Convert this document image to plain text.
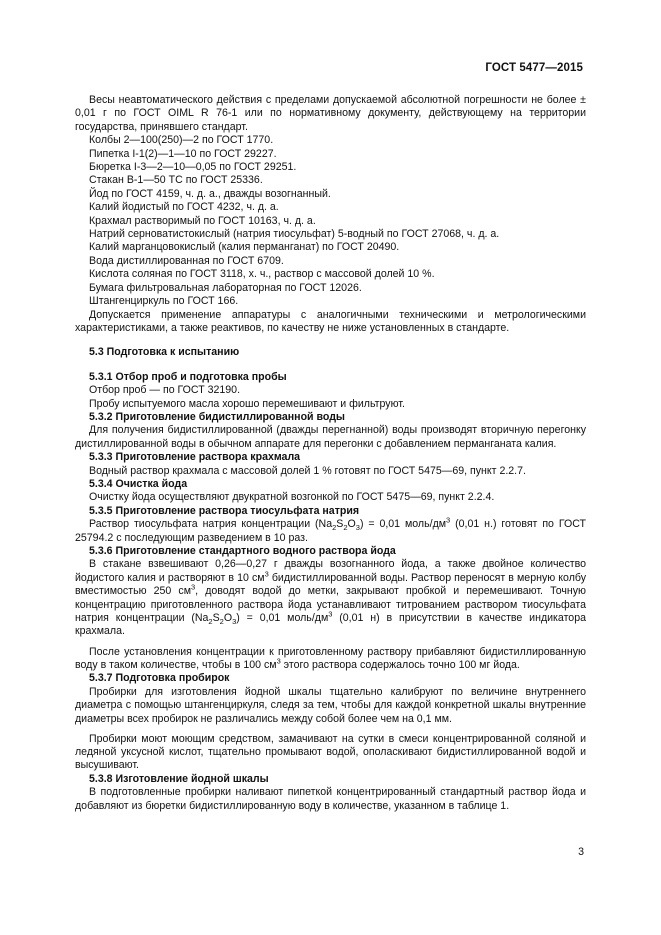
ГОСТ 5477—2015
Весы неавтоматического действия с пределами допускаемой абсолютной погрешности не более ± 0,01 г по ГОСТ OIML R 76-1 или по нормативному документу, действующему на территории государства, принявшего стандарт.
Колбы 2—100(250)—2 по ГОСТ 1770.
Пипетка I-1(2)—1—10 по ГОСТ 29227.
Бюретка I-3—2—10—0,05 по ГОСТ 29251.
Стакан В-1—50 ТС по ГОСТ 25336.
Йод по ГОСТ 4159, ч. д. а., дважды возогнанный.
Калий йодистый по ГОСТ 4232, ч. д. а.
Крахмал растворимый по ГОСТ 10163, ч. д. а.
Натрий серноватистокислый (натрия тиосульфат) 5-водный по ГОСТ 27068, ч. д. а.
Калий марганцовокислый (калия перманганат) по ГОСТ 20490.
Вода дистиллированная по ГОСТ 6709.
Кислота соляная по ГОСТ 3118, х. ч., раствор с массовой долей 10 %.
Бумага фильтровальная лабораторная по ГОСТ 12026.
Штангенциркуль по ГОСТ 166.
Допускается применение аппаратуры с аналогичными техническими и метрологическими характеристиками, а также реактивов, по качеству не ниже установленных в стандарте.
5.3 Подготовка к испытанию
5.3.1 Отбор проб и подготовка пробы
Отбор проб — по ГОСТ 32190.
Пробу испытуемого масла хорошо перемешивают и фильтруют.
5.3.2 Приготовление бидистиллированной воды
Для получения бидистиллированной (дважды перегнанной) воды производят вторичную перегонку дистиллированной воды в обычном аппарате для перегонки с добавлением перманганата калия.
5.3.3 Приготовление раствора крахмала
Водный раствор крахмала с массовой долей 1 % готовят по ГОСТ 5475—69, пункт 2.2.7.
5.3.4 Очистка йода
Очистку йода осуществляют двукратной возгонкой по ГОСТ 5475—69, пункт 2.2.4.
5.3.5 Приготовление раствора тиосульфата натрия
Раствор тиосульфата натрия концентрации $(Na_2S_2O_3) = 0,01$ моль/$дм^3$ (0,01 н.) готовят по ГОСТ 25794.2 с последующим разведением в 10 раз.
5.3.6 Приготовление стандартного водного раствора йода
В стакане взвешивают 0,26—0,27 г дважды возогнанного йода, а также двойное количество йодистого калия и растворяют в 10 $см^3$ бидистиллированной воды. Раствор переносят в мерную колбу вместимостью 250 $см^3$, доводят водой до метки, закрывают пробкой и перемешивают. Точную концентрацию приготовленного раствора йода устанавливают титрованием раствором тиосульфата натрия концентрации $(Na_2S_2O_3) = 0,01$ моль/$дм^3$ (0,01 н) в присутствии в качестве индикатора крахмала.
После установления концентрации к приготовленному раствору прибавляют бидистиллированную воду в таком количестве, чтобы в 100 $см^3$ этого раствора содержалось точно 100 мг йода.
5.3.7 Подготовка пробирок
Пробирки для изготовления йодной шкалы тщательно калибруют по величине внутреннего диаметра с помощью штангенциркуля, следя за тем, чтобы для каждой конкретной шкалы внутренние диаметры всех пробирок не различались между собой более чем на 0,1 мм.
Пробирки моют моющим средством, замачивают на сутки в смеси концентрированной соляной и ледяной уксусной кислот, тщательно промывают водой, ополаскивают бидистиллированной водой и высушивают.
5.3.8 Изготовление йодной шкалы
В подготовленные пробирки наливают пипеткой концентрированный стандартный раствор йода и добавляют из бюретки бидистиллированную воду в количестве, указанном в таблице 1.
3
